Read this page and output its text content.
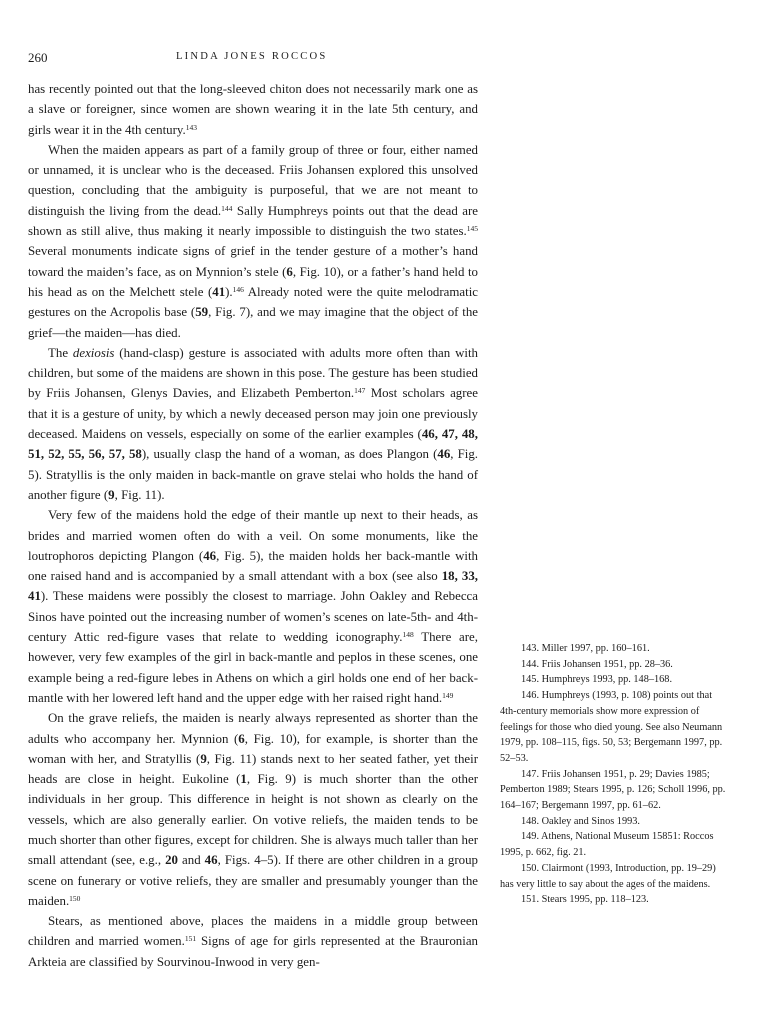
260	LINDA JONES ROCCOS

has recently pointed out that the long-sleeved chiton does not necessarily mark one as a slave or foreigner, since women are shown wearing it in the late 5th century, and girls wear it in the 4th century.$^{143}$

When the maiden appears as part of a family group of three or four, either named or unnamed, it is unclear who is the deceased. Friis Johansen explored this unsolved question, concluding that the ambiguity is purposeful, that we are not meant to distinguish the living from the dead.$^{144}$ Sally Humphreys points out that the dead are shown as still alive, thus making it nearly impossible to distinguish the two states.$^{145}$ Several monuments indicate signs of grief in the tender gesture of a mother’s hand toward the maiden’s face, as on Mynnion’s stele (6, Fig. 10), or a father’s hand held to his head as on the Melchett stele (41).$^{146}$ Already noted were the quite melodramatic gestures on the Acropolis base (59, Fig. 7), and we may imagine that the object of the grief—the maiden—has died.

The dexiosis (hand-clasp) gesture is associated with adults more often than with children, but some of the maidens are shown in this pose. The gesture has been studied by Friis Johansen, Glenys Davies, and Elizabeth Pemberton.$^{147}$ Most scholars agree that it is a gesture of unity, by which a newly deceased person may join one previously deceased. Maidens on vessels, especially on some of the earlier examples (46, 47, 48, 51, 52, 55, 56, 57, 58), usually clasp the hand of a woman, as does Plangon (46, Fig. 5). Stratyllis is the only maiden in back-mantle on grave stelai who holds the hand of another figure (9, Fig. 11).

Very few of the maidens hold the edge of their mantle up next to their heads, as brides and married women often do with a veil. On some monuments, like the loutrophoros depicting Plangon (46, Fig. 5), the maiden holds her back-mantle with one raised hand and is accompanied by a small attendant with a box (see also 18, 33, 41). These maidens were possibly the closest to marriage. John Oakley and Rebecca Sinos have pointed out the increasing number of women’s scenes on late-5th- and 4th-century Attic red-figure vases that relate to wedding iconography.$^{148}$ There are, however, very few examples of the girl in back-mantle and peplos in these scenes, one example being a red-figure lebes in Athens on which a girl holds one end of her back-mantle with her lowered left hand and the upper edge with her raised right hand.$^{149}$

On the grave reliefs, the maiden is nearly always represented as shorter than the adults who accompany her. Mynnion (6, Fig. 10), for example, is shorter than the woman with her, and Stratyllis (9, Fig. 11) stands next to her seated father, yet their heads are close in height. Eukoline (1, Fig. 9) is much shorter than the other individuals in her group. This difference in height is not shown as clearly on the vessels, which are also generally earlier. On votive reliefs, the maiden tends to be much shorter than other figures, except for children. She is always much taller than her small attendant (see, e.g., 20 and 46, Figs. 4–5). If there are other children in a group scene on funerary or votive reliefs, they are smaller and presumably younger than the maiden.$^{150}$

Stears, as mentioned above, places the maidens in a middle group between children and married women.$^{151}$ Signs of age for girls represented at the Brauronian Arkteia are classified by Sourvinou-Inwood in very gen-

143. Miller 1997, pp. 160–161.

144. Friis Johansen 1951, pp. 28–36.

145. Humphreys 1993, pp. 148–168.

146. Humphreys (1993, p. 108) points out that 4th-century memorials show more expression of feelings for those who died young. See also Neumann 1979, pp. 108–115, figs. 50, 53; Bergemann 1997, pp. 52–53.

147. Friis Johansen 1951, p. 29; Davies 1985; Pemberton 1989; Stears 1995, p. 126; Scholl 1996, pp. 164–167; Bergemann 1997, pp. 61–62.

148. Oakley and Sinos 1993.

149. Athens, National Museum 15851: Roccos 1995, p. 662, fig. 21.

150. Clairmont (1993, Introduction, pp. 19–29) has very little to say about the ages of the maidens.

151. Stears 1995, pp. 118–123.
